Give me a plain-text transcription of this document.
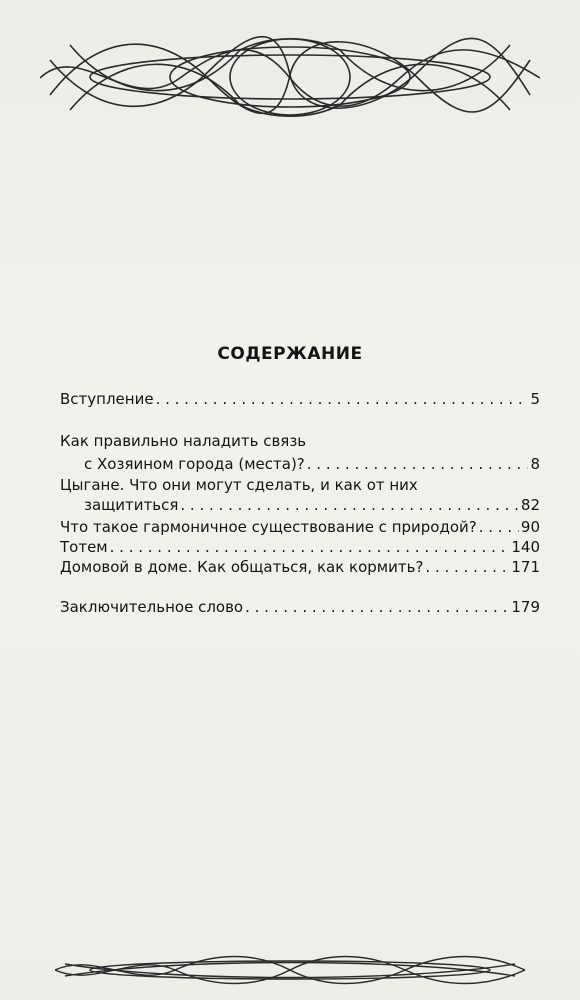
СОДЕРЖАНИЕ
Вступление . . .	5
Как правильно наладить связь
с Хозяином города (места)? . . .	8
Цыгане. Что они могут сделать, и как от них
защититься . . .	82
Что такое гармоничное существование с природой? . . .	90
Тотем . . .	140
Домовой в доме. Как общаться, как кормить? . . .	171
Заключительное слово . . .	179
